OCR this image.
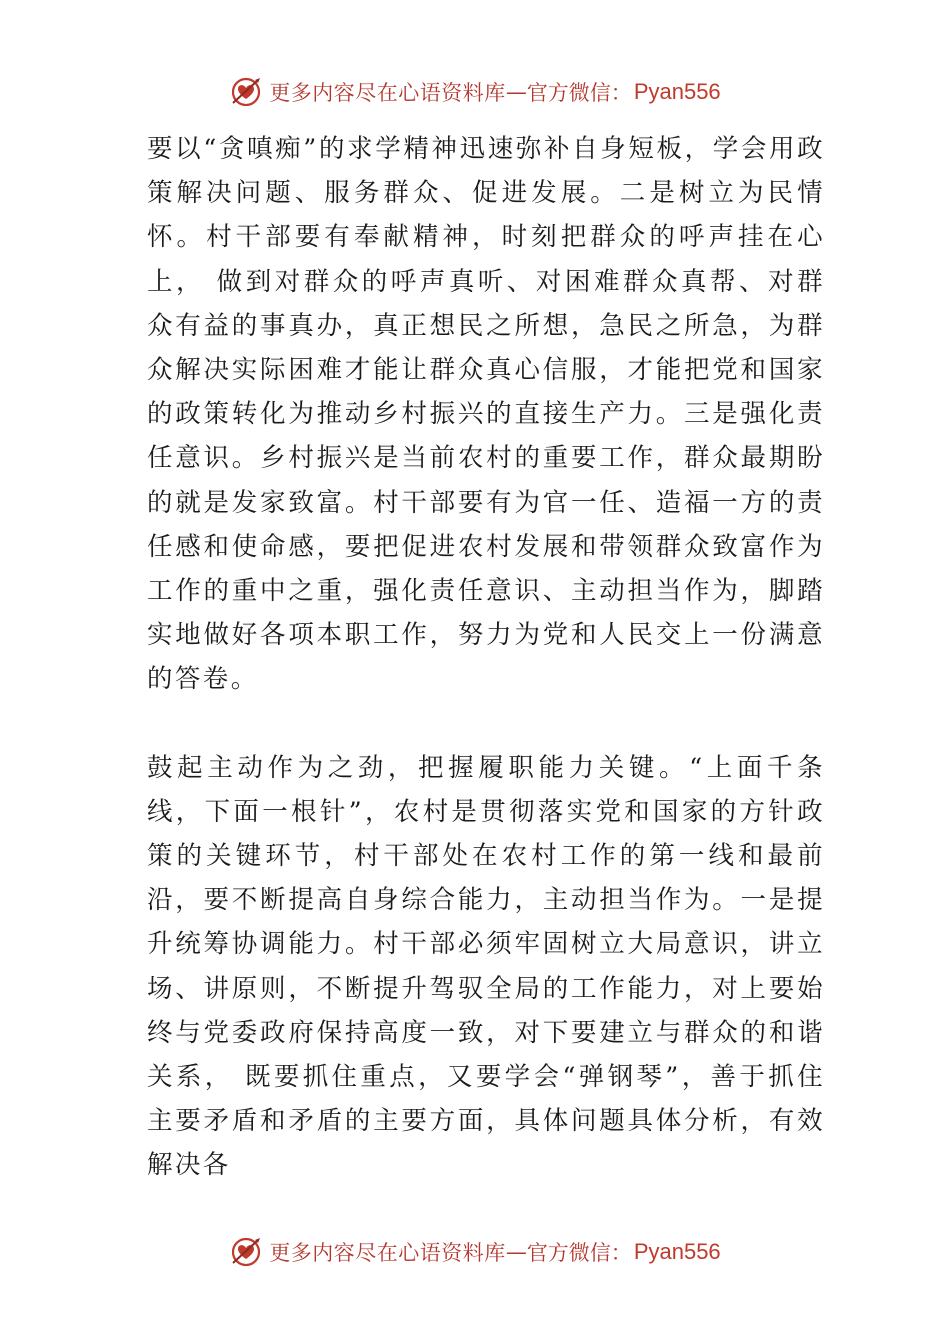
更多内容尽在心语资料库 — 官方微信： Pyan556

要以“贪嗔痴”的求学精神迅速弥补自身短板，学会用政策解决问题、服务群众、促进发展。二是树立为民情怀。村干部要有奉献精神，时刻把群众的呼声挂在心上， 做到对群众的呼声真听、对困难群众真帮、对群众有益的事真办，真正想民之所想，急民之所急，为群众解决实际困难才能让群众真心信服，才能把党和国家的政策转化为推动乡村振兴的直接生产力。三是强化责任意识。乡村振兴是当前农村的重要工作，群众最期盼的就是发家致富。村干部要有为官一任、造福一方的责任感和使命感，要把促进农村发展和带领群众致富作为工作的重中之重，强化责任意识、主动担当作为，脚踏实地做好各项本职工作，努力为党和人民交上一份满意的答卷。

鼓起主动作为之劲，把握履职能力关键。“上面千条线，下面一根针”，农村是贯彻落实党和国家的方针政策的关键环节，村干部处在农村工作的第一线和最前沿，要不断提高自身综合能力，主动担当作为。一是提升统筹协调能力。村干部必须牢固树立大局意识，讲立场、讲原则，不断提升驾驭全局的工作能力，对上要始终与党委政府保持高度一致，对下要建立与群众的和谐关系， 既要抓住重点，又要学会“弹钢琴”，善于抓住主要矛盾和矛盾的主要方面，具体问题具体分析，有效解决各

更多内容尽在心语资料库 — 官方微信： Pyan556
